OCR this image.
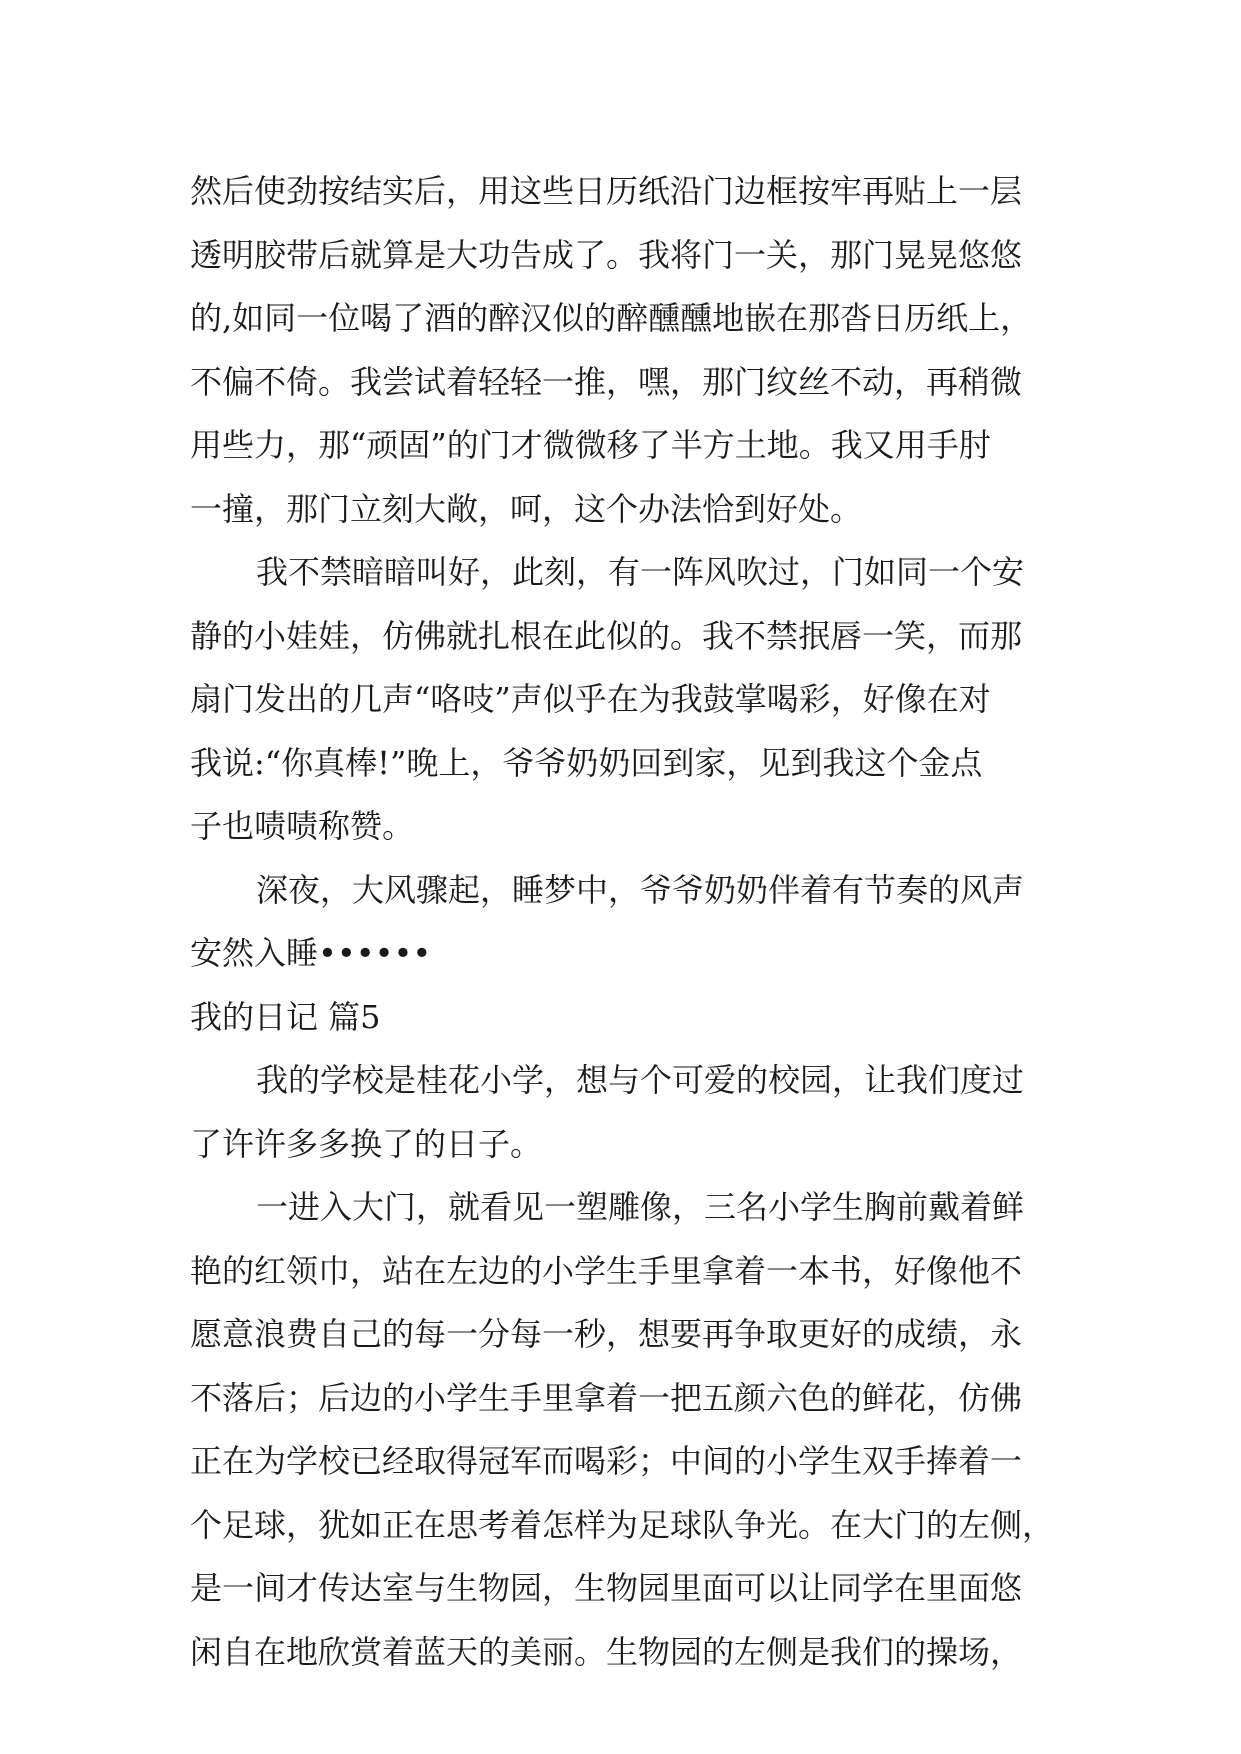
然后使劲按结实后，用这些日历纸沿门边框按牢再贴上一层
透明胶带后就算是大功告成了。我将门一关，那门晃晃悠悠
的,如同一位喝了酒的醉汉似的醉醺醺地嵌在那沓日历纸上，
不偏不倚。我尝试着轻轻一推，嘿，那门纹丝不动，再稍微
用些力，那“顽固”的门才微微移了半方土地。我又用手肘
一撞，那门立刻大敞，呵，这个办法恰到好处。
我不禁暗暗叫好，此刻，有一阵风吹过，门如同一个安
静的小娃娃，仿佛就扎根在此似的。我不禁抿唇一笑，而那
扇门发出的几声“咯吱”声似乎在为我鼓掌喝彩，好像在对
我说:“你真棒!”晚上，爷爷奶奶回到家，见到我这个金点
子也啧啧称赞。
深夜，大风骤起，睡梦中，爷爷奶奶伴着有节奏的风声
安然入睡••••••
我的日记 篇5
我的学校是桂花小学，想与个可爱的校园，让我们度过
了许许多多换了的日子。
一进入大门，就看见一塑雕像，三名小学生胸前戴着鲜
艳的红领巾，站在左边的小学生手里拿着一本书，好像他不
愿意浪费自己的每一分每一秒，想要再争取更好的成绩，永
不落后；后边的小学生手里拿着一把五颜六色的鲜花，仿佛
正在为学校已经取得冠军而喝彩；中间的小学生双手捧着一
个足球，犹如正在思考着怎样为足球队争光。在大门的左侧，
是一间才传达室与生物园，生物园里面可以让同学在里面悠
闲自在地欣赏着蓝天的美丽。生物园的左侧是我们的操场，
